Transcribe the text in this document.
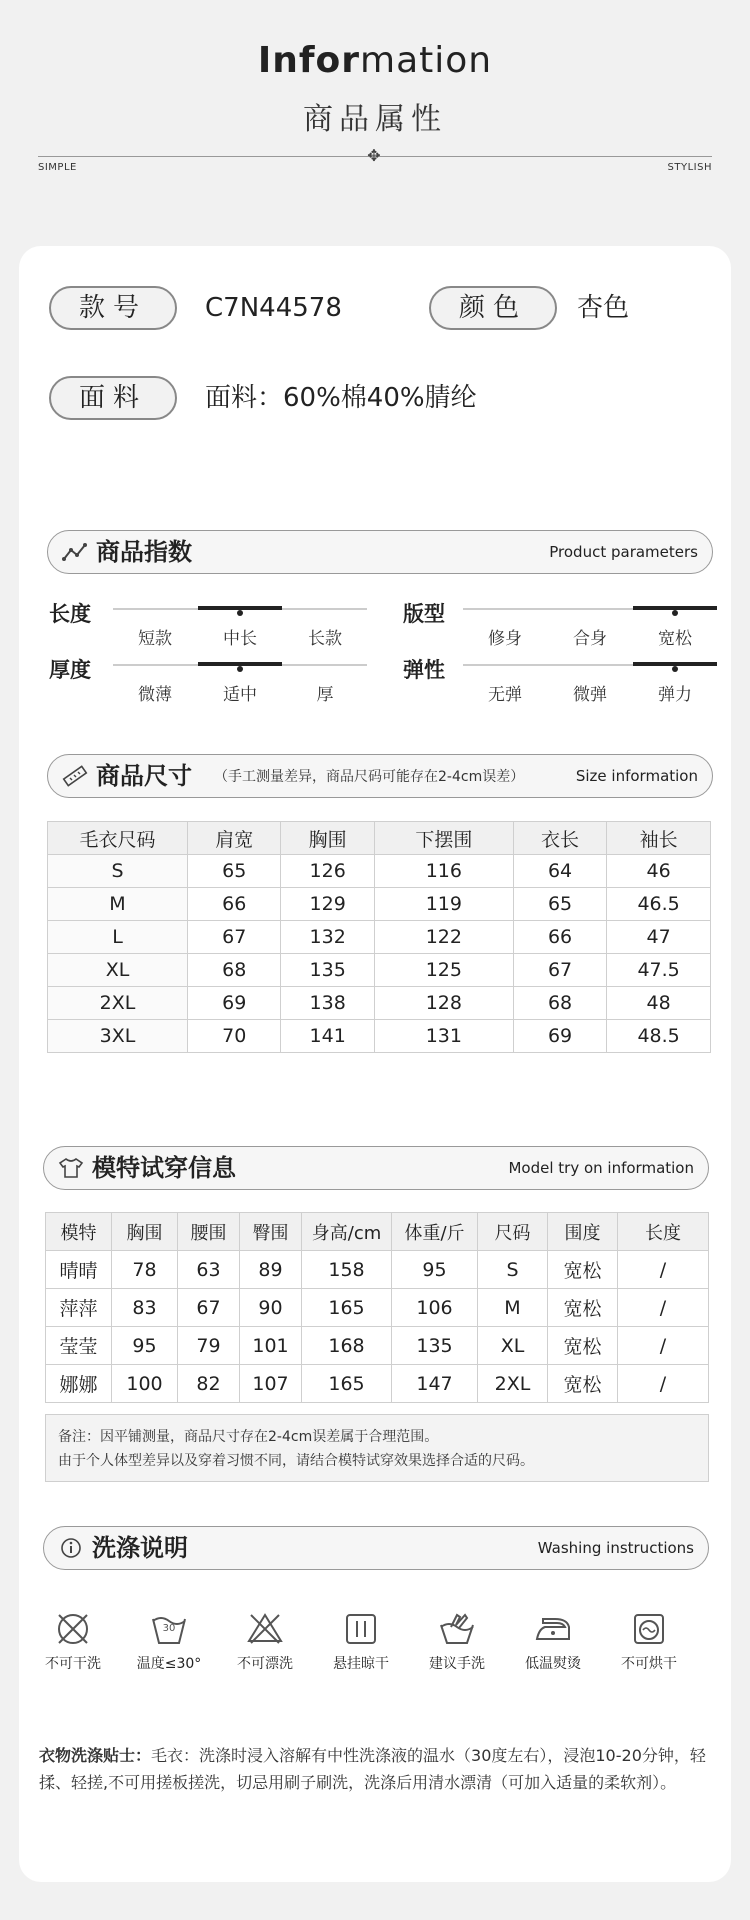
Information
商品属性
✥
SIMPLE	STYLISH
款号	C7N44578	颜色	杏色
面料	面料：60%棉40%腈纶
商品指数	Product parameters
长度
短款	中长	长款
版型
修身	合身	宽松
厚度
微薄	适中	厚
弹性
无弹	微弹	弹力
商品尺寸 （手工测量差异，商品尺码可能存在2-4cm误差）	Size information
毛衣尺码	肩宽	胸围	下摆围	衣长	袖长
S	65	126	116	64	46
M	66	129	119	65	46.5
L	67	132	122	66	47
XL	68	135	125	67	47.5
2XL	69	138	128	68	48
3XL	70	141	131	69	48.5
模特试穿信息	Model try on information
模特	胸围	腰围	臀围	身高/cm	体重/斤	尺码	围度	长度
晴晴	78	63	89	158	95	S	宽松	/
萍萍	83	67	90	165	106	M	宽松	/
莹莹	95	79	101	168	135	XL	宽松	/
娜娜	100	82	107	165	147	2XL	宽松	/
备注：因平铺测量，商品尺寸存在2-4cm误差属于合理范围。
由于个人体型差异以及穿着习惯不同，请结合模特试穿效果选择合适的尺码。
洗涤说明	Washing instructions
不可干洗
30
温度≤30°	不可漂洗	悬挂晾干	建议手洗	低温熨烫	不可烘干
衣物洗涤贴士：毛衣：洗涤时浸入溶解有中性洗涤液的温水（30度左右），浸泡10-20分钟，轻揉、轻搓,不可用搓板搓洗，切忌用刷子刷洗，洗涤后用清水漂清（可加入适量的柔软剂）。
